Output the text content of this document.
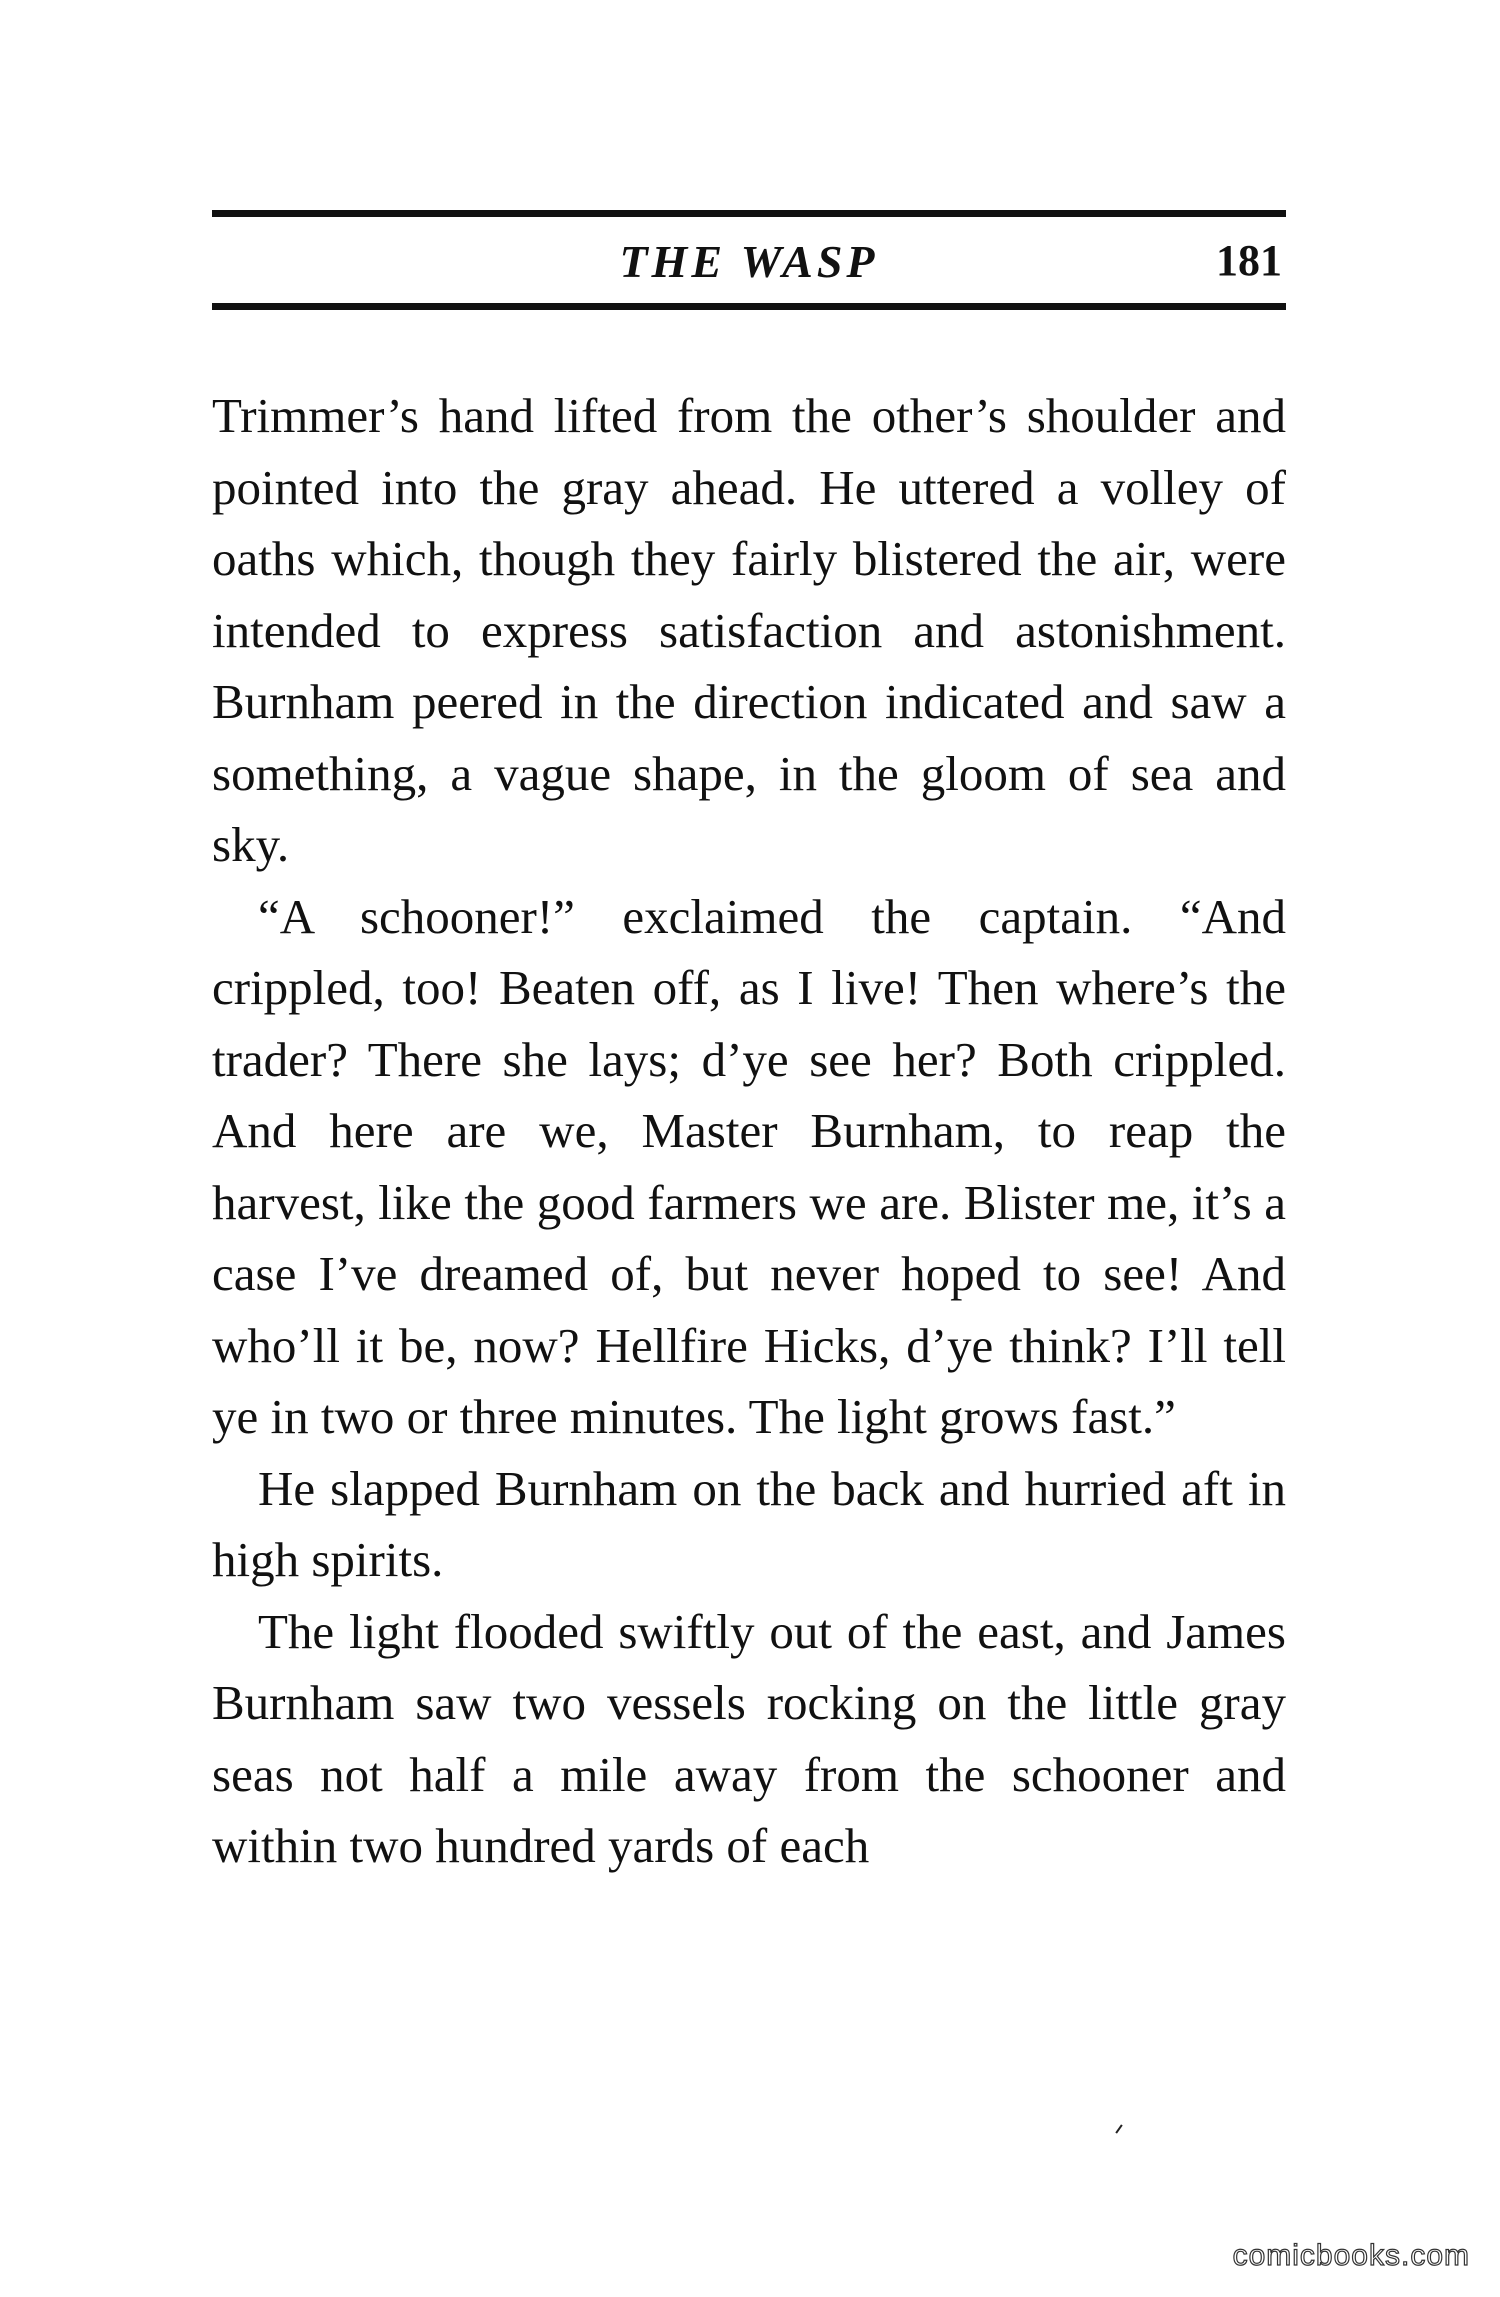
THE WASP	181

Trimmer’s hand lifted from the other’s shoulder and pointed into the gray ahead. He uttered a volley of oaths which, though they fairly blistered the air, were intended to express satisfaction and astonishment. Burnham peered in the direction indicated and saw a something, a vague shape, in the gloom of sea and sky.

“A schooner!” exclaimed the captain. “And crippled, too! Beaten off, as I live! Then where’s the trader? There she lays; d’ye see her? Both crippled. And here are we, Master Burnham, to reap the harvest, like the good farmers we are. Blister me, it’s a case I’ve dreamed of, but never hoped to see! And who’ll it be, now? Hellfire Hicks, d’ye think? I’ll tell ye in two or three minutes. The light grows fast.”

He slapped Burnham on the back and hurried aft in high spirits.

The light flooded swiftly out of the east, and James Burnham saw two vessels rocking on the little gray seas not half a mile away from the schooner and within two hundred yards of each

comicbooks.com
